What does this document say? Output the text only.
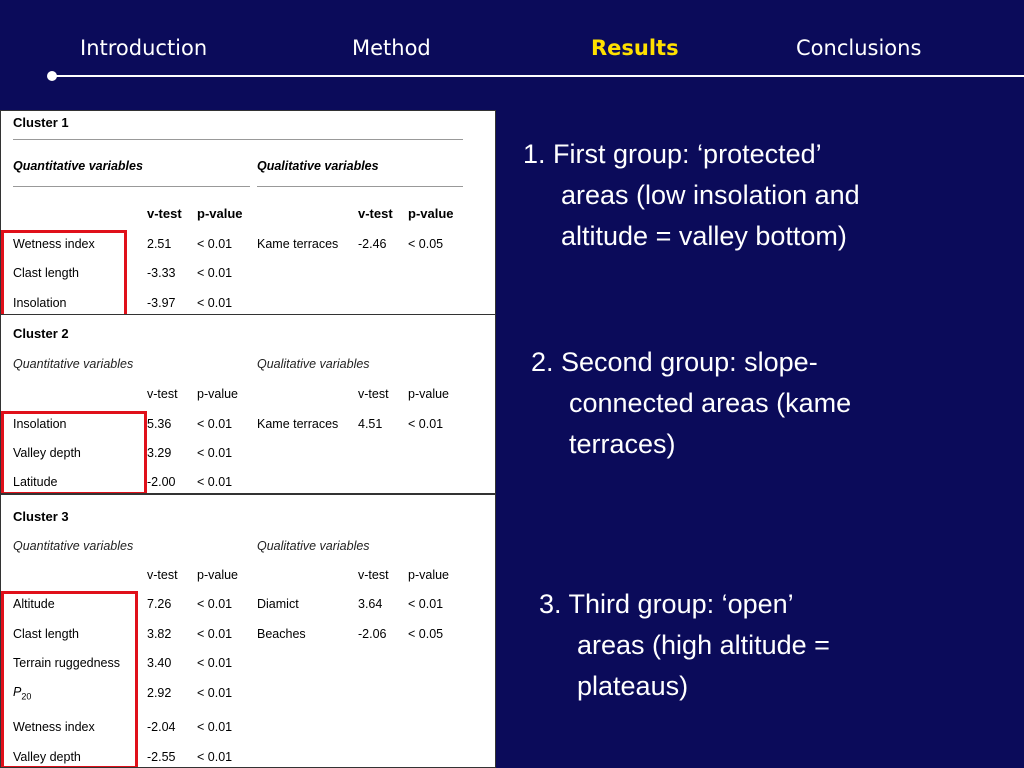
Introduction	Method	Results	Conclusions
Cluster 1
Quantitative variables	Qualitative variables
v-test p-value	v-test p-value
Wetness index	2.51 < 0.01 Kame terraces -2.46 < 0.05
Clast length	-3.33 < 0.01
Insolation	-3.97 < 0.01
Cluster 2
Quantitative variables	Qualitative variables
v-test p-value	v-test p-value
Insolation	5.36 < 0.01 Kame terraces 4.51 < 0.01
Valley depth	3.29 < 0.01
Latitude	-2.00 < 0.01
Cluster 3
Quantitative variables	Qualitative variables
v-test p-value	v-test p-value
Altitude	7.26 < 0.01 Diamict	3.64 < 0.01
Clast length	3.82 < 0.01 Beaches	-2.06 < 0.05
Terrain ruggedness 3.40 < 0.01
$P_{20}$	2.92 < 0.01
Wetness index	-2.04 < 0.01
Valley depth	-2.55 < 0.01
1. First group: ‘protected’
areas (low insolation and
altitude = valley bottom)
2. Second group: slope-
connected areas (kame
terraces)
3. Third group: ‘open’
areas (high altitude =
plateaus)
